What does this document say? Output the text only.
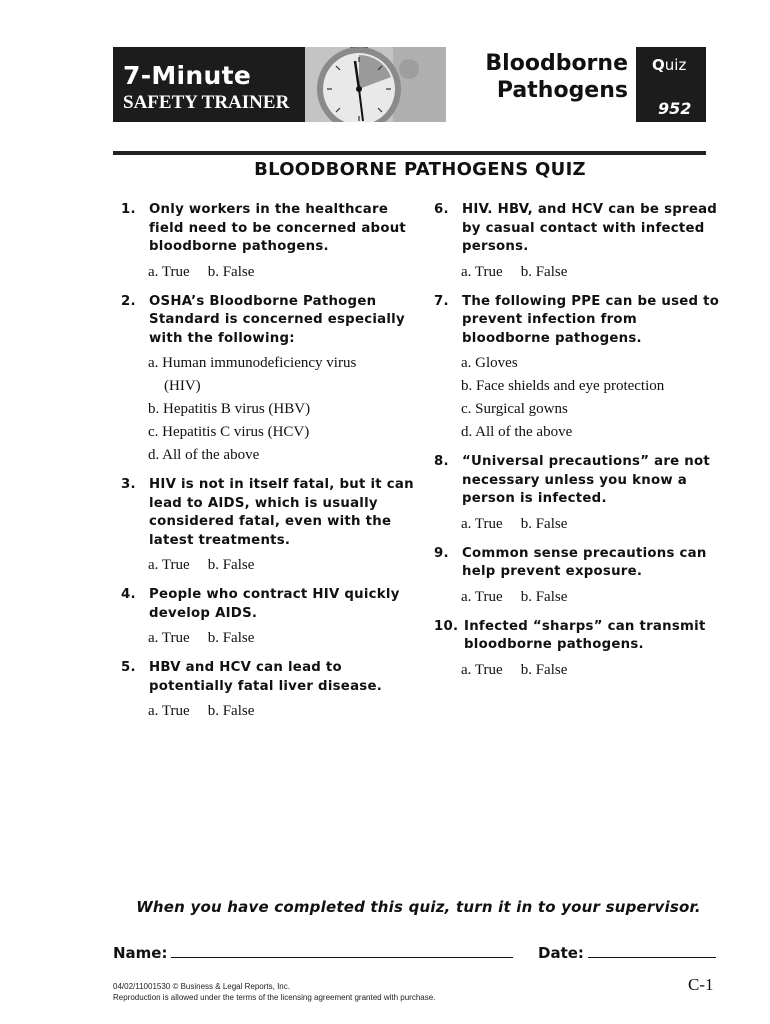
7-Minute
SAFETY TRAINER
Bloodborne
Pathogens
Quiz
952
BLOODBORNE PATHOGENS QUIZ
1. Only workers in the healthcare field need to be concerned about bloodborne pathogens.
a. True b. False
2. OSHA’s Bloodborne Pathogen Standard is concerned especially with the following:
a. Human immunodeficiency virus
(HIV)
b. Hepatitis B virus (HBV)
c. Hepatitis C virus (HCV)
d. All of the above
3. HIV is not in itself fatal, but it can lead to AIDS, which is usually considered fatal, even with the latest treatments.
a. True b. False
4. People who contract HIV quickly develop AIDS.
a. True b. False
5. HBV and HCV can lead to potentially fatal liver disease.
a. True b. False
6. HIV. HBV, and HCV can be spread by casual contact with infected persons.
a. True b. False
7. The following PPE can be used to prevent infection from bloodborne pathogens.
a. Gloves
b. Face shields and eye protection
c. Surgical gowns
d. All of the above
8. “Universal precautions” are not necessary unless you know a person is infected.
a. True b. False
9. Common sense precautions can help prevent exposure.
a. True b. False
10. Infected “sharps” can transmit bloodborne pathogens.
a. True b. False
When you have completed this quiz, turn it in to your supervisor.
Name:	Date:
04/02/11001530 © Business & Legal Reports, Inc.
Reproduction is allowed under the terms of the licensing agreement granted with purchase.
C-1
